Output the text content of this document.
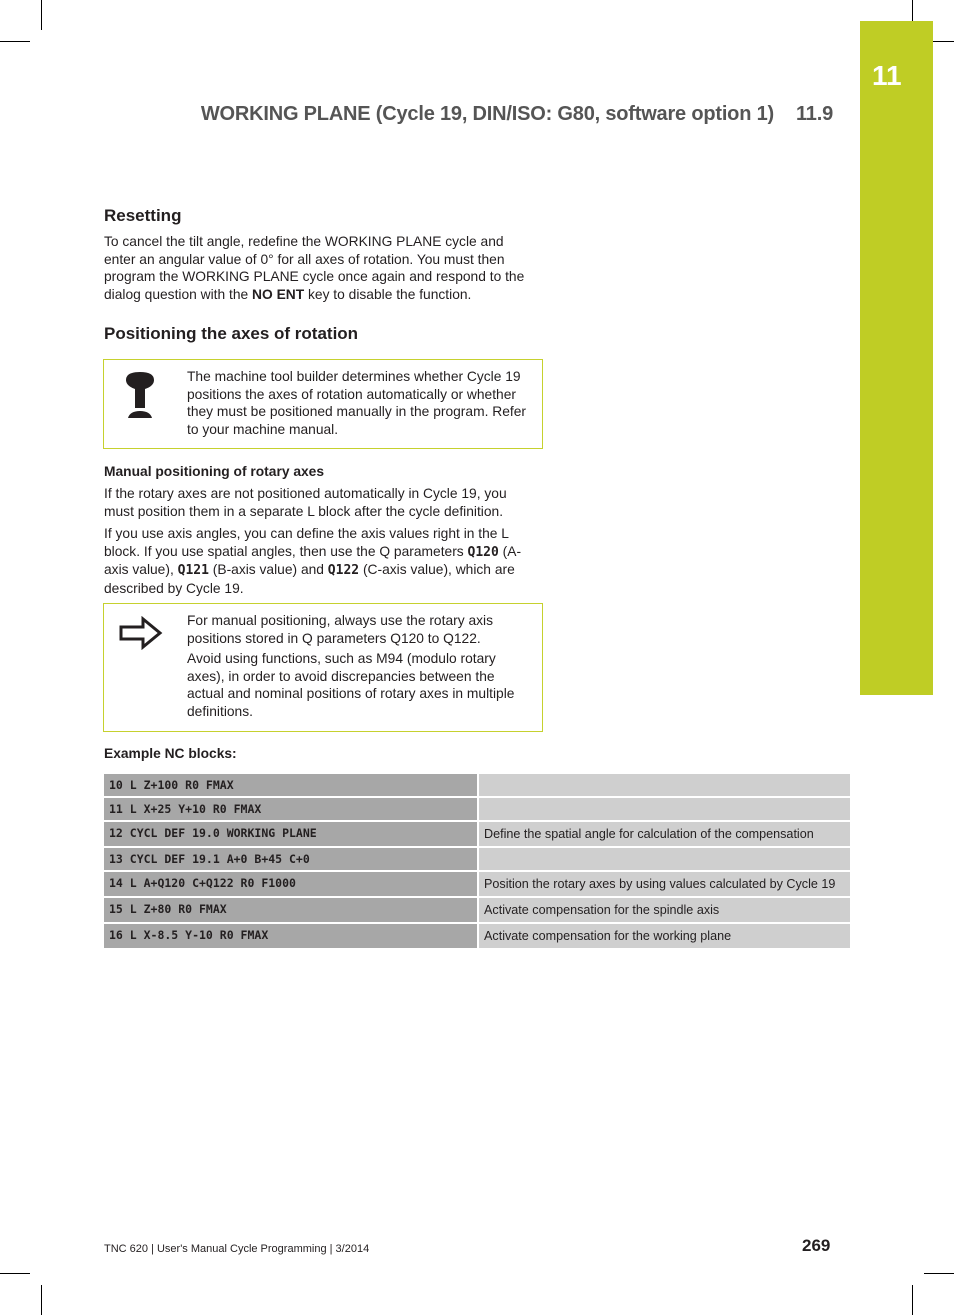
11
WORKING PLANE (Cycle 19, DIN/ISO: G80, software option 1) 11.9
Resetting

To cancel the tilt angle, redefine the WORKING PLANE cycle and enter an angular value of 0° for all axes of rotation. You must then program the WORKING PLANE cycle once again and respond to the dialog question with the NO ENT key to disable the function.

Positioning the axes of rotation

The machine tool builder determines whether Cycle 19 positions the axes of rotation automatically or whether they must be positioned manually in the program. Refer to your machine manual.

Manual positioning of rotary axes

If the rotary axes are not positioned automatically in Cycle 19, you must position them in a separate L block after the cycle definition.

If you use axis angles, you can define the axis values right in the L block. If you use spatial angles, then use the Q parameters Q120 (A-axis value), Q121 (B-axis value) and Q122 (C-axis value), which are described by Cycle 19.

For manual positioning, always use the rotary axis positions stored in Q parameters Q120 to Q122.

Avoid using functions, such as M94 (modulo rotary axes), in order to avoid discrepancies between the actual and nominal positions of rotary axes in multiple definitions.

Example NC blocks:
10 L Z+100 R0 FMAX	
11 L X+25 Y+10 R0 FMAX	
12 CYCL DEF 19.0 WORKING PLANE	Define the spatial angle for calculation of the compensation
13 CYCL DEF 19.1 A+0 B+45 C+0	
14 L A+Q120 C+Q122 R0 F1000	Position the rotary axes by using values calculated by Cycle 19
15 L Z+80 R0 FMAX	Activate compensation for the spindle axis
16 L X-8.5 Y-10 R0 FMAX	Activate compensation for the working plane
TNC 620 | User's Manual Cycle Programming | 3/2014	269
